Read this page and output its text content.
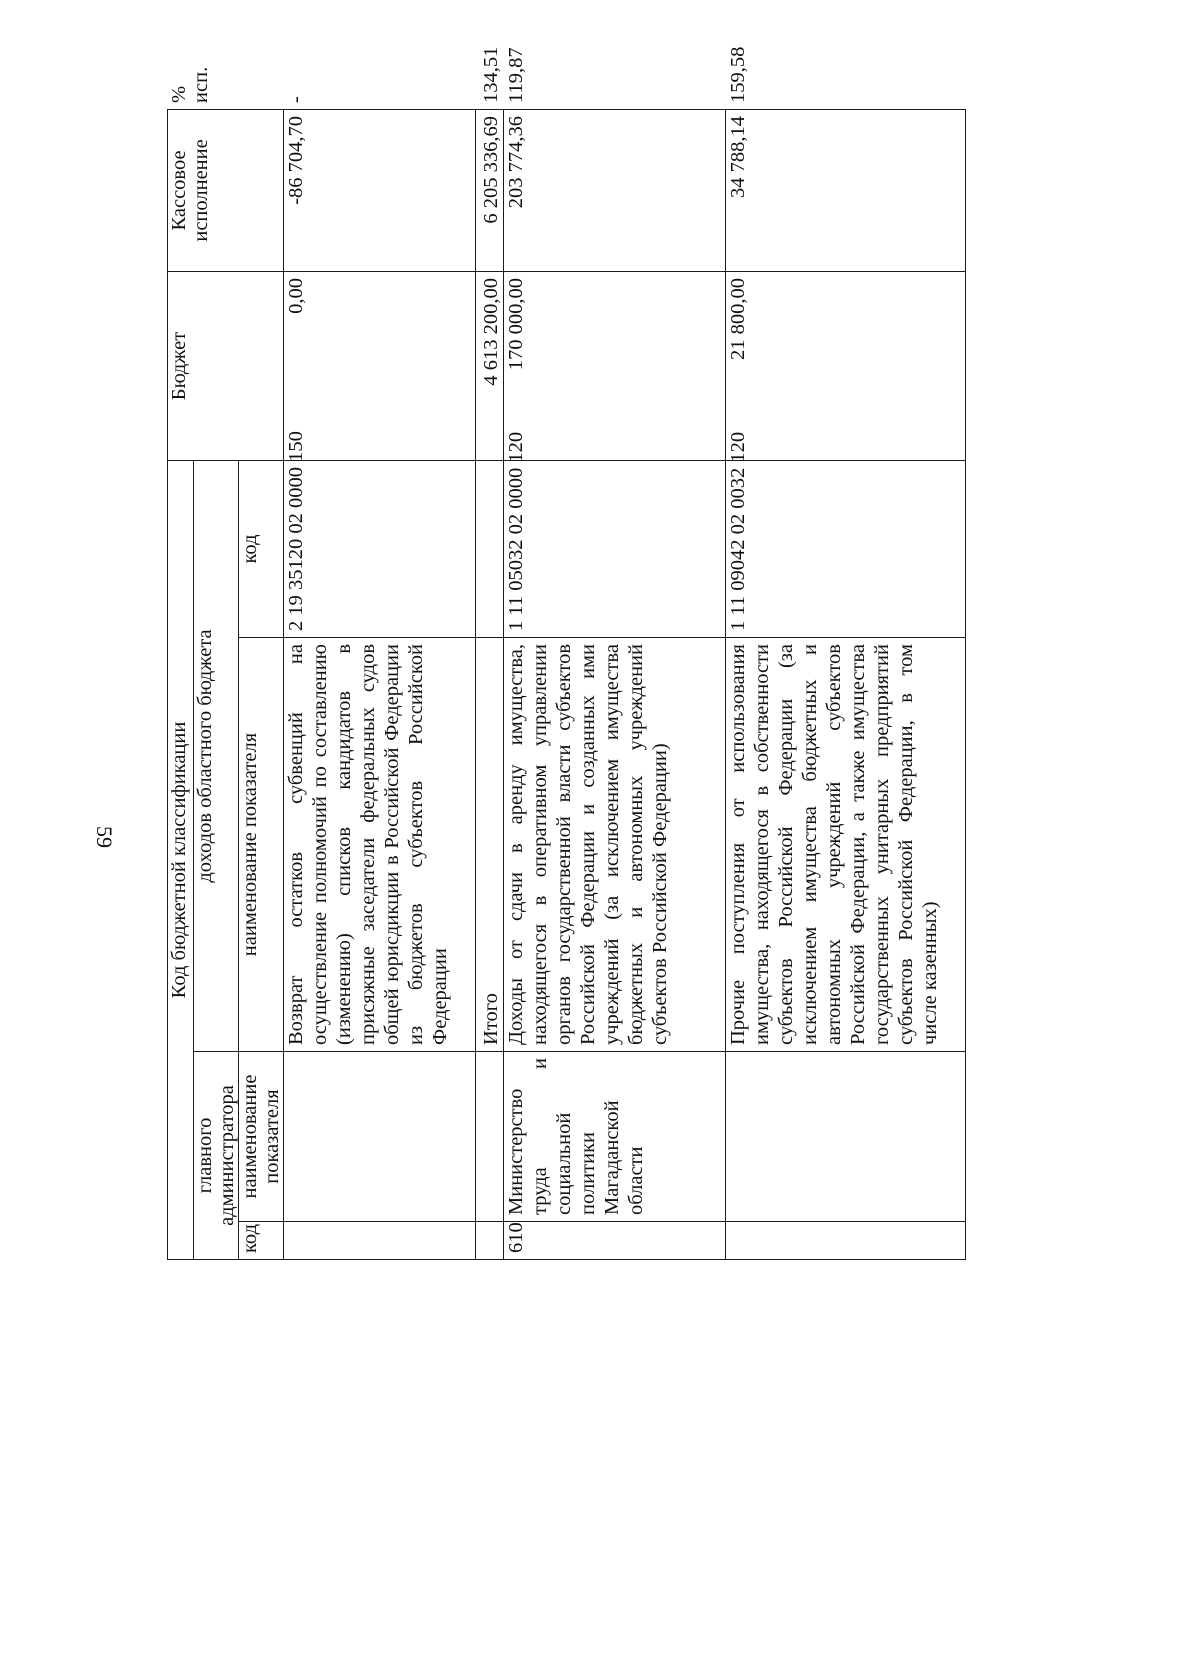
59 Код бюджетной классификации				Бюджет	Кассовое исполнение	% исп.
главного администратора		доходов областного бюджета				
код	наименование показателя	наименование показателя	код			
		Возврат остатков субвенций на осуществление полномочий по составлению (изменению) списков кандидатов в присяжные заседатели федеральных судов общей юрисдикции в Российской Федерации из бюджетов субъектов Российской Федерации	2 19 35120 02 0000 150	0,00	-86 704,70	-
		Итого		4 613 200,00	6 205 336,69	134,51
610	Министерство труда и социальной политики Магаданской области	Доходы от сдачи в аренду имущества, находящегося в оперативном управлении органов государственной власти субъектов Российской Федерации и созданных ими учреждений (за исключением имущества бюджетных и автономных учреждений субъектов Российской Федерации)	1 11 05032 02 0000 120	170 000,00	203 774,36	119,87
		Прочие поступления от использования имущества, находящегося в собственности субъектов Российской Федерации (за исключением имущества бюджетных и автономных учреждений субъектов Российской Федерации, а также имущества государственных унитарных предприятий субъектов Российской Федерации, в том числе казенных)	1 11 09042 02 0032 120	21 800,00	34 788,14	159,58
